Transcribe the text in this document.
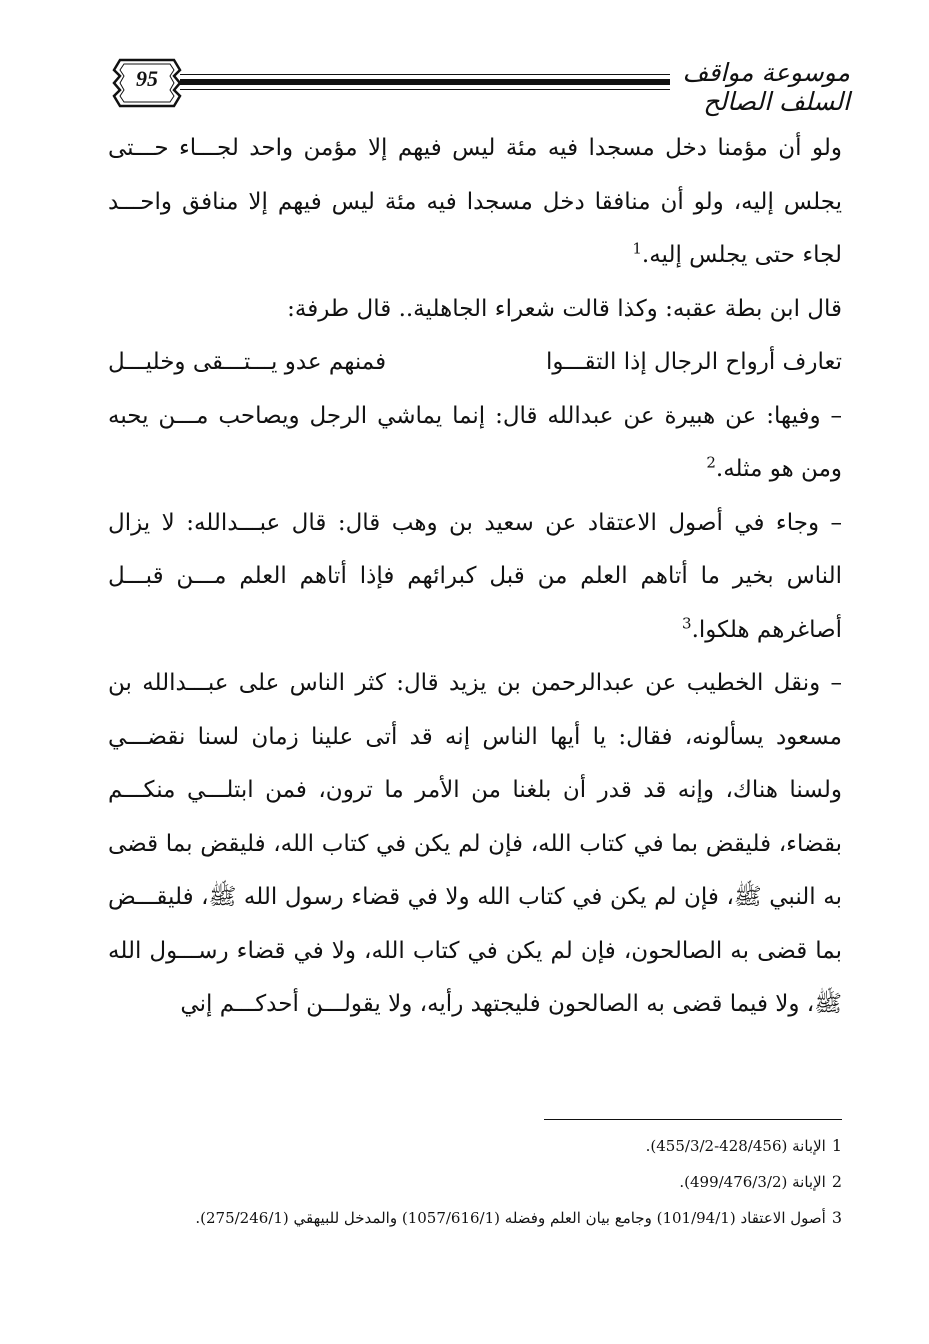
95	موسوعة مواقف السلف الصالح

ولو أن مؤمنا دخل مسجدا فيه مئة ليس فيهم إلا مؤمن واحد لجـــاء حـــتى يجلس إليه، ولو أن منافقا دخل مسجدا فيه مئة ليس فيهم إلا منافق واحـــد لجاء حتى يجلس إليه.$^1$

قال ابن بطة عقبه: وكذا قالت شعراء الجاهلية.. قال طرفة:

تعارف أرواح الرجال إذا التقـــوا
فمنهم عدو يـــتـــقى وخليـــل

– وفيها: عن هبيرة عن عبدالله قال: إنما يماشي الرجل ويصاحب مـــن يحبه ومن هو مثله.$^2$

– وجاء في أصول الاعتقاد عن سعيد بن وهب قال: قال عبـــدالله: لا يزال الناس بخير ما أتاهم العلم من قبل كبرائهم فإذا أتاهم العلم مـــن قبـــل أصاغرهم هلكوا.$^3$

– ونقل الخطيب عن عبدالرحمن بن يزيد قال: كثر الناس على عبـــدالله بن مسعود يسألونه، فقال: يا أيها الناس إنه قد أتى علينا زمان لسنا نقضـــي ولسنا هناك، وإنه قد قدر أن بلغنا من الأمر ما ترون، فمن ابتلـــي منكـــم بقضاء، فليقض بما في كتاب الله، فإن لم يكن في كتاب الله، فليقض بما قضى به النبي ﷺ، فإن لم يكن في كتاب الله ولا في قضاء رسول الله ﷺ، فليقـــض بما قضى به الصالحون، فإن لم يكن في كتاب الله، ولا في قضاء رســـول الله ﷺ، ولا فيما قضى به الصالحون فليجتهد رأيه، ولا يقولـــن أحدكـــم إني

1الإبانة (428/456-455/3/2).

2الإبانة (499/476/3/2).

3أصول الاعتقاد (101/94/1) وجامع بيان العلم وفضله (1057/616/1) والمدخل للبيهقي (275/246/1).
